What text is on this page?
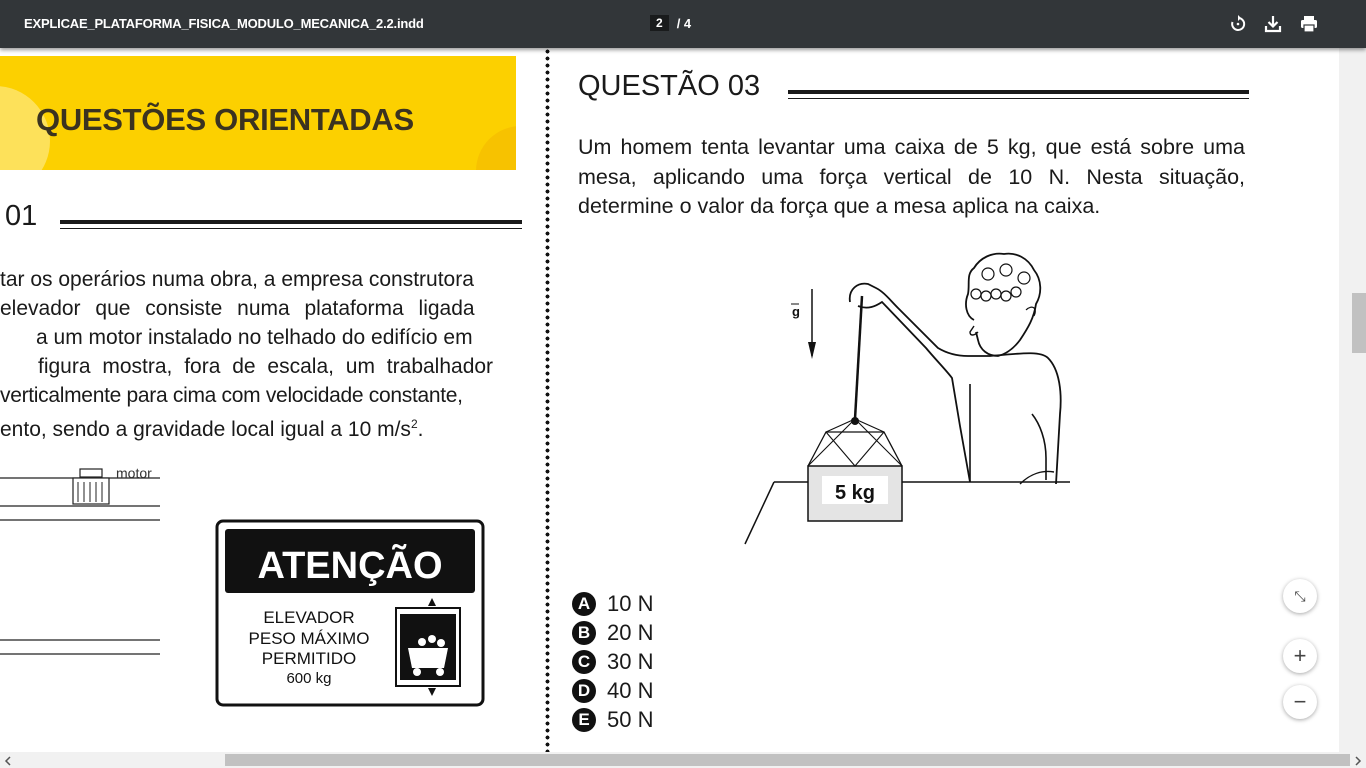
EXPLICAE_PLATAFORMA_FISICA_MODULO_MECANICA_2.2.indd	2	/ 4
QUESTÕES ORIENTADAS
01
tar os operários numa obra, a empresa construtora
elevador que consiste numa plataforma ligada
a um motor instalado no telhado do edifício em
figura mostra, fora de escala, um trabalhador
verticalmente para cima com velocidade constante,
ento, sendo a gravidade local igual a 10 $m/s^2$.
motor
ATENÇÃO
ELEVADOR
PESO MÁXIMO
PERMITIDO
600 kg
QUESTÃO 03
Um homem tenta levantar uma caixa de 5 kg, que está sobre uma mesa, aplicando uma força vertical de 10 N. Nesta situação, determine o valor da força que a mesa aplica na caixa.
g
5 kg
A 10 N
B 20 N
C 30 N
D 40 N
E 50 N
⤡
+
−
